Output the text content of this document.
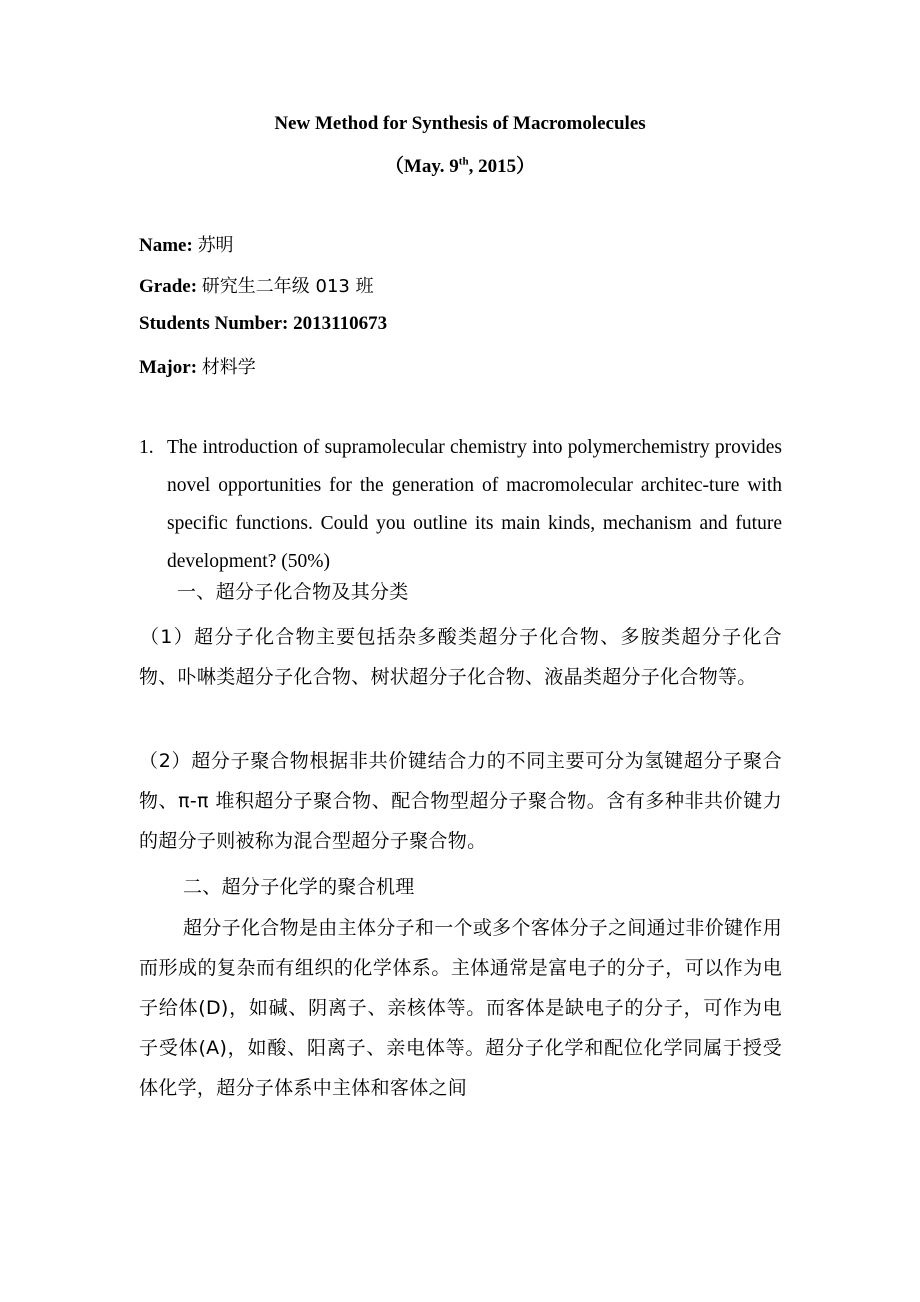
New Method for Synthesis of Macromolecules
（May. 9th, 2015）
Name: 苏明
Grade: 研究生二年级 013 班
Students Number: 2013110673
Major: 材料学
1. The introduction of supramolecular chemistry into polymerchemistry provides novel opportunities for the generation of macromolecular architec-ture with specific functions. Could you outline its main kinds, mechanism and future development? (50%)
一、超分子化合物及其分类
（1）超分子化合物主要包括杂多酸类超分子化合物、多胺类超分子化合物、卟啉类超分子化合物、树状超分子化合物、液晶类超分子化合物等。
（2）超分子聚合物根据非共价键结合力的不同主要可分为氢键超分子聚合物、π-π 堆积超分子聚合物、配合物型超分子聚合物。含有多种非共价键力的超分子则被称为混合型超分子聚合物。
二、超分子化学的聚合机理
超分子化合物是由主体分子和一个或多个客体分子之间通过非价键作用而形成的复杂而有组织的化学体系。主体通常是富电子的分子，可以作为电子给体(D)，如碱、阴离子、亲核体等。而客体是缺电子的分子，可作为电子受体(A)，如酸、阳离子、亲电体等。超分子化学和配位化学同属于授受体化学，超分子体系中主体和客体之间
